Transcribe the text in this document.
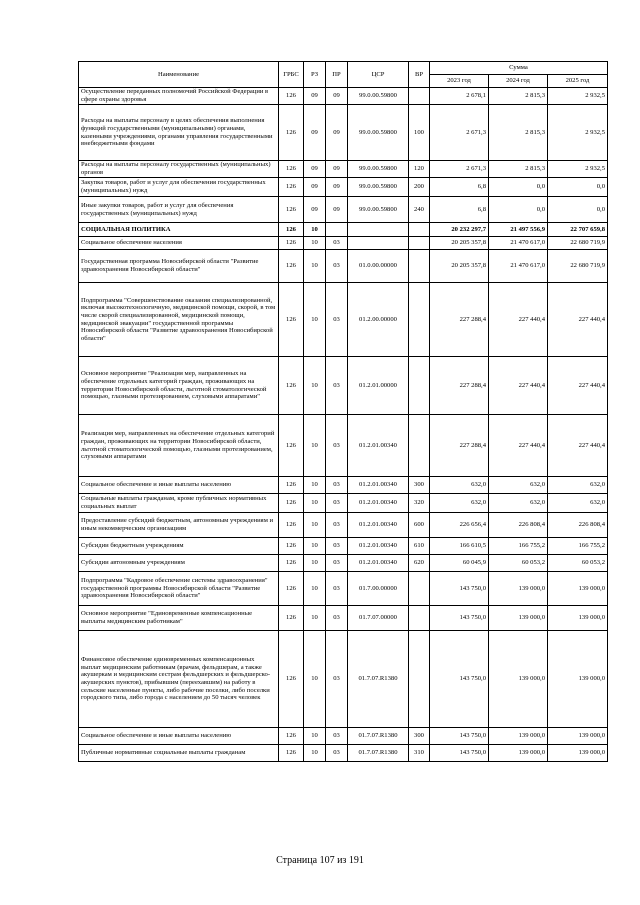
Наименование	ГРБС	РЗ	ПР	ЦСР	ВР	Сумма		
						2023 год	2024 год	2025 год
Осуществление переданных полномочий Российской Федерации в сфере охраны здоровья	126	09	09	99.0.00.59800		2 678,1	2 815,3	2 932,5
Расходы на выплаты персоналу в целях обеспечения выполнения функций государственными (муниципальными) органами, казенными учреждениями, органами управления государственными внебюджетными фондами	126	09	09	99.0.00.59800	100	2 671,3	2 815,3	2 932,5
Расходы на выплаты персоналу государственных (муниципальных) органов	126	09	09	99.0.00.59800	120	2 671,3	2 815,3	2 932,5
Закупка товаров, работ и услуг для обеспечения государственных (муниципальных) нужд	126	09	09	99.0.00.59800	200	6,8	0,0	0,0
Иные закупки товаров, работ и услуг для обеспечения государственных (муниципальных) нужд	126	09	09	99.0.00.59800	240	6,8	0,0	0,0
СОЦИАЛЬНАЯ ПОЛИТИКА	126	10				20 232 297,7	21 497 556,9	22 707 659,8
Социальное обеспечение населения	126	10	03			20 205 357,8	21 470 617,0	22 680 719,9
Государственная программа Новосибирской области "Развитие здравоохранения Новосибирской области"	126	10	03	01.0.00.00000		20 205 357,8	21 470 617,0	22 680 719,9
Подпрограмма "Совершенствование оказания специализированной, включая высокотехнологичную, медицинской помощи, скорой, в том числе скорой специализированной, медицинской помощи, медицинской эвакуации" государственной программы Новосибирской области "Развитие здравоохранения Новосибирской области"	126	10	03	01.2.00.00000		227 288,4	227 440,4	227 440,4
Основное мероприятие "Реализация мер, направленных на обеспечение отдельных категорий граждан, проживающих на территории Новосибирской области, льготной стоматологической помощью, глазными протезированием, слуховыми аппаратами"	126	10	03	01.2.01.00000		227 288,4	227 440,4	227 440,4
Реализация мер, направленных на обеспечение отдельных категорий граждан, проживающих на территории Новосибирской области, льготной стоматологической помощью, глазными протезированием, слуховыми аппаратами	126	10	03	01.2.01.00340		227 288,4	227 440,4	227 440,4
Социальное обеспечение и иные выплаты населению	126	10	03	01.2.01.00340	300	632,0	632,0	632,0
Социальные выплаты гражданам, кроме публичных нормативных социальных выплат	126	10	03	01.2.01.00340	320	632,0	632,0	632,0
Предоставление субсидий бюджетным, автономным учреждениям и иным некоммерческим организациям	126	10	03	01.2.01.00340	600	226 656,4	226 808,4	226 808,4
Субсидии бюджетным учреждениям	126	10	03	01.2.01.00340	610	166 610,5	166 755,2	166 755,2
Субсидии автономным учреждениям	126	10	03	01.2.01.00340	620	60 045,9	60 053,2	60 053,2
Подпрограмма "Кадровое обеспечение системы здравоохранения" государственной программы Новосибирской области "Развитие здравоохранения Новосибирской области"	126	10	03	01.7.00.00000		143 750,0	139 000,0	139 000,0
Основное мероприятие "Единовременные компенсационные выплаты медицинским работникам"	126	10	03	01.7.07.00000		143 750,0	139 000,0	139 000,0
Финансовое обеспечение единовременных компенсационных выплат медицинским работникам (врачам, фельдшерам, а также акушеркам и медицинским сестрам фельдшерских и фельдшерско-акушерских пунктов), прибывшим (переехавшим) на работу в сельские населенные пункты, либо рабочие поселки, либо поселки городского типа, либо города с населением до 50 тысяч человек	126	10	03	01.7.07.R1380		143 750,0	139 000,0	139 000,0
Социальное обеспечение и иные выплаты населению	126	10	03	01.7.07.R1380	300	143 750,0	139 000,0	139 000,0
Публичные нормативные социальные выплаты гражданам	126	10	03	01.7.07.R1380	310	143 750,0	139 000,0	139 000,0
Страница 107 из 191
